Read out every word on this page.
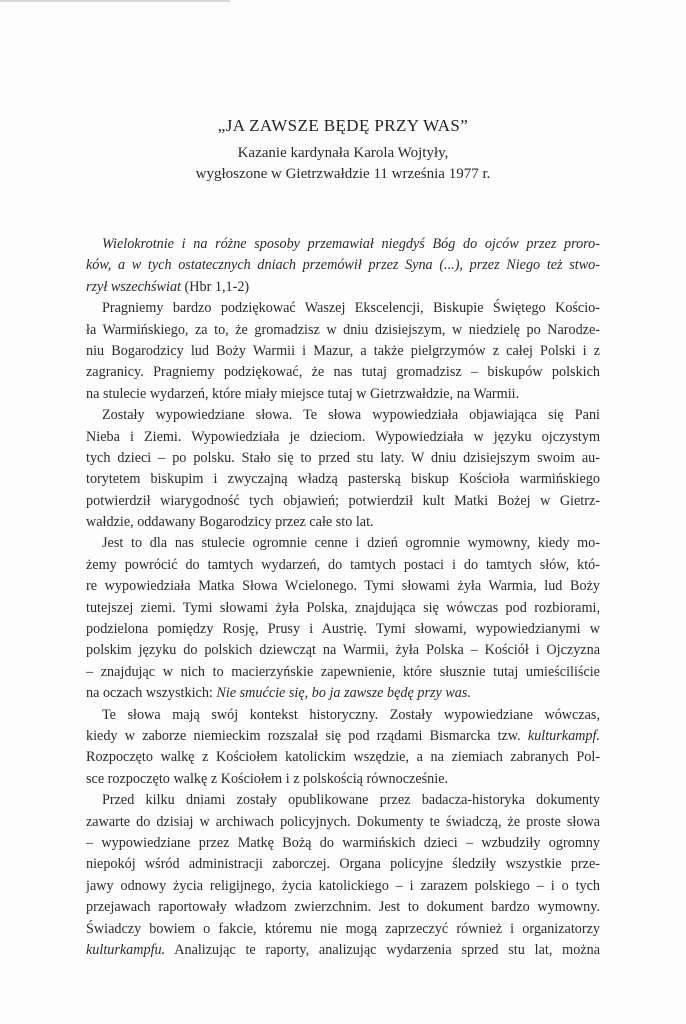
„JA ZAWSZE BĘDĘ PRZY WAS”
Kazanie kardynała Karola Wojtyły,
wygłoszone w Gietrzwałdzie 11 września 1977 r.
Wielokrotnie i na różne sposoby przemawiał niegdyś Bóg do ojców przez proro-
ków, a w tych ostatecznych dniach przemówił przez Syna (...), przez Niego też stwo-
rzył wszechświat (Hbr 1,1-2)
Pragniemy bardzo podziękować Waszej Ekscelencji, Biskupie Świętego Kościo-
ła Warmińskiego, za to, że gromadzisz w dniu dzisiejszym, w niedzielę po Narodze-
niu Bogarodzicy lud Boży Warmii i Mazur, a także pielgrzymów z całej Polski i z
zagranicy. Pragniemy podziękować, że nas tutaj gromadzisz – biskupów polskich
na stulecie wydarzeń, które miały miejsce tutaj w Gietrzwałdzie, na Warmii.
Zostały wypowiedziane słowa. Te słowa wypowiedziała objawiająca się Pani
Nieba i Ziemi. Wypowiedziała je dzieciom. Wypowiedziała w języku ojczystym
tych dzieci – po polsku. Stało się to przed stu laty. W dniu dzisiejszym swoim au-
torytetem biskupim i zwyczajną władzą pasterską biskup Kościoła warmińskiego
potwierdził wiarygodność tych objawień; potwierdził kult Matki Bożej w Gietrz-
wałdzie, oddawany Bogarodzicy przez całe sto lat.
Jest to dla nas stulecie ogromnie cenne i dzień ogromnie wymowny, kiedy mo-
żemy powrócić do tamtych wydarzeń, do tamtych postaci i do tamtych słów, któ-
re wypowiedziała Matka Słowa Wcielonego. Tymi słowami żyła Warmia, lud Boży
tutejszej ziemi. Tymi słowami żyła Polska, znajdująca się wówczas pod rozbiorami,
podzielona pomiędzy Rosję, Prusy i Austrię. Tymi słowami, wypowiedzianymi w
polskim języku do polskich dziewcząt na Warmii, żyła Polska – Kościół i Ojczyzna
– znajdując w nich to macierzyńskie zapewnienie, które słusznie tutaj umieściliście
na oczach wszystkich: Nie smućcie się, bo ja zawsze będę przy was.
Te słowa mają swój kontekst historyczny. Zostały wypowiedziane wówczas,
kiedy w zaborze niemieckim rozszalał się pod rządami Bismarcka tzw. kulturkampf.
Rozpoczęto walkę z Kościołem katolickim wszędzie, a na ziemiach zabranych Pol-
sce rozpoczęto walkę z Kościołem i z polskością równocześnie.
Przed kilku dniami zostały opublikowane przez badacza-historyka dokumenty
zawarte do dzisiaj w archiwach policyjnych. Dokumenty te świadczą, że proste słowa
– wypowiedziane przez Matkę Bożą do warmińskich dzieci – wzbudziły ogromny
niepokój wśród administracji zaborczej. Organa policyjne śledziły wszystkie prze-
jawy odnowy życia religijnego, życia katolickiego – i zarazem polskiego – i o tych
przejawach raportowały władzom zwierzchnim. Jest to dokument bardzo wymowny.
Świadczy bowiem o fakcie, któremu nie mogą zaprzeczyć również i organizatorzy
kulturkampfu. Analizując te raporty, analizując wydarzenia sprzed stu lat, można
